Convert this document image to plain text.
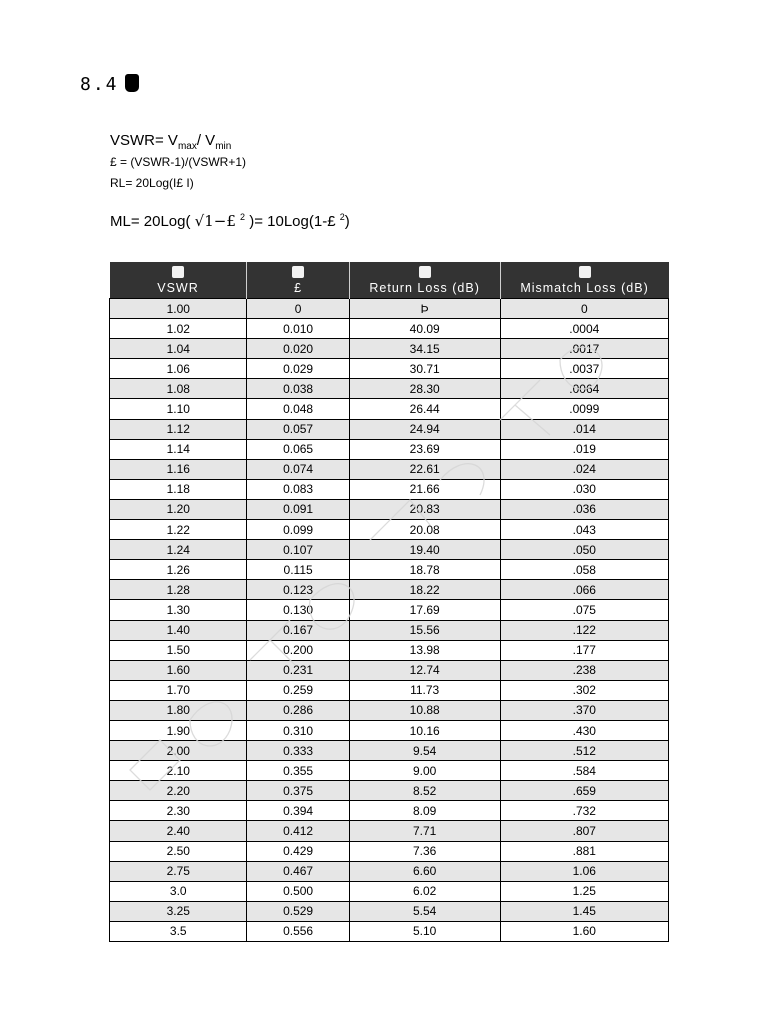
8.4
VSWR= $V_{max}/$ $V_{min}$
£ = (VSWR-1)/(VSWR+1)
RL= 20Log(I£ I)
ML= 20Log( √1−£ $^2$ )= 10Log(1-£ $^2$)
VSWR	£	Return Loss (dB)	Mismatch Loss (dB)

1.00	0	Þ	0
1.02	0.010	40.09	.0004
1.04	0.020	34.15	.0017
1.06	0.029	30.71	.0037
1.08	0.038	28.30	.0064
1.10	0.048	26.44	.0099
1.12	0.057	24.94	.014
1.14	0.065	23.69	.019
1.16	0.074	22.61	.024
1.18	0.083	21.66	.030
1.20	0.091	20.83	.036
1.22	0.099	20.08	.043
1.24	0.107	19.40	.050
1.26	0.115	18.78	.058
1.28	0.123	18.22	.066
1.30	0.130	17.69	.075
1.40	0.167	15.56	.122
1.50	0.200	13.98	.177
1.60	0.231	12.74	.238
1.70	0.259	11.73	.302
1.80	0.286	10.88	.370
1.90	0.310	10.16	.430
2.00	0.333	9.54	.512
2.10	0.355	9.00	.584
2.20	0.375	8.52	.659
2.30	0.394	8.09	.732
2.40	0.412	7.71	.807
2.50	0.429	7.36	.881
2.75	0.467	6.60	1.06
3.0	0.500	6.02	1.25
3.25	0.529	5.54	1.45
3.5	0.556	5.10	1.60
